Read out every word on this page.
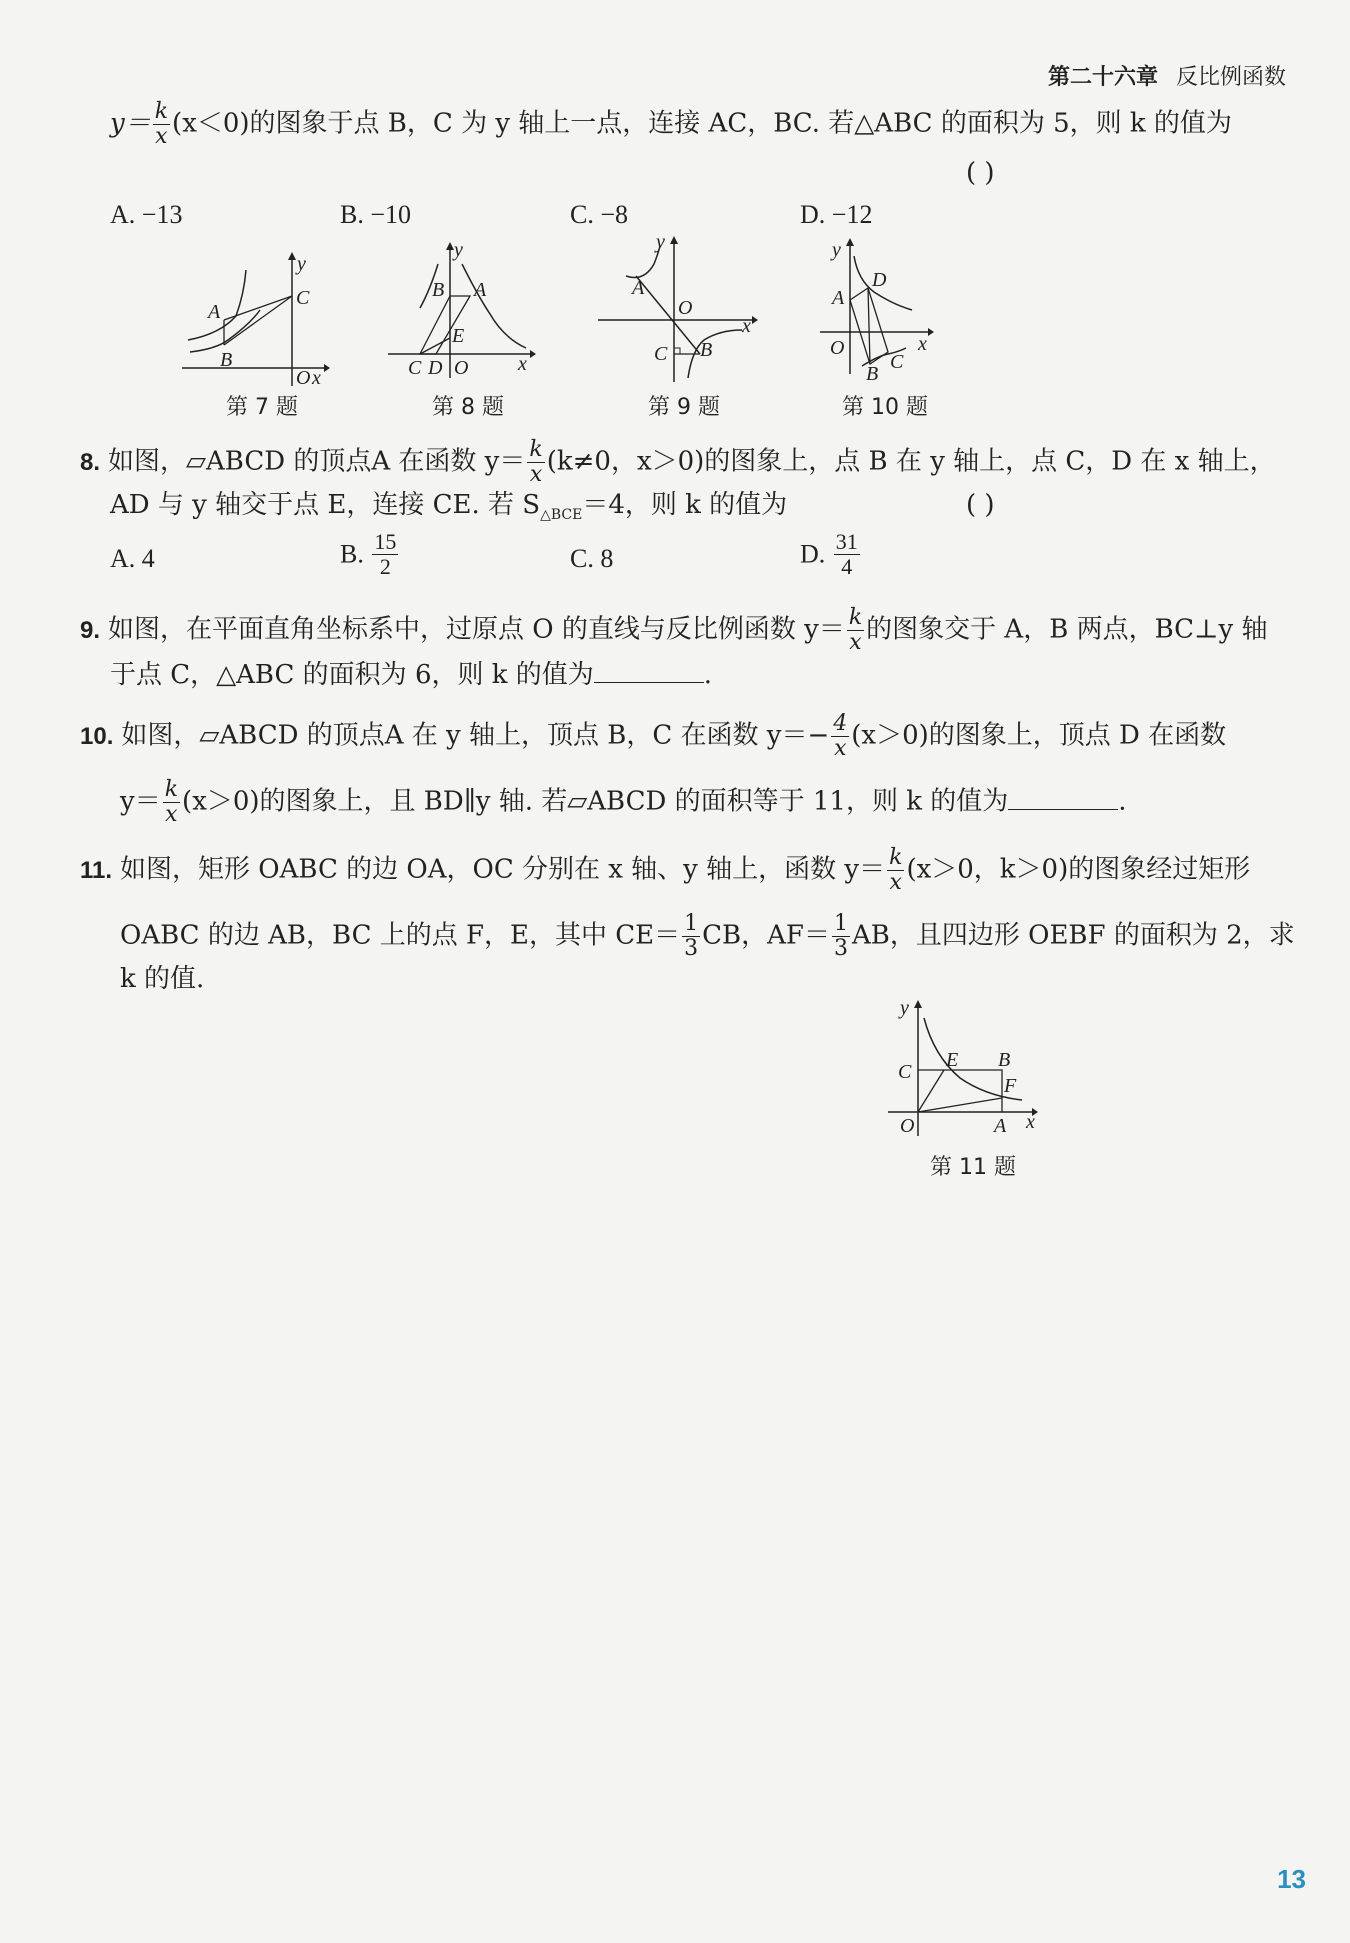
第二十六章 反比例函数
$y= \frac{k}{x} (x<0)$的图象于点 B，C 为 y 轴上一点，连接 AC，BC. 若△ABC 的面积为 5，则 k 的值为
( )
A. −13	B. −10	C. −8	D. −12
A
B
C
O x
y
第 7 题
B A
E
C D O x
y
第 8 题
A
O
C B
x
y
第 9 题
A
D
O
B
C
x
y
第 10 题
8. 如图，▱ABCD 的顶点A 在函数 $y= \frac{k}{x} (k\ne 0$，x＞0)的图象上，点 B 在 y 轴上，点 C，D 在 x 轴上，
AD 与 y 轴交于点 E，连接 CE. 若 $S_{\triangle BCE}=4$，则 k 的值为	( )
A. 4	B. $\frac{15}{2}$	C. 8	D. $\frac{31}{4}$
9. 如图，在平面直角坐标系中，过原点 O 的直线与反比例函数 $y= \frac{k}{x}$ 的图象交于 A，B 两点，BC⊥y 轴
于点 C，△ABC 的面积为 6，则 k 的值为	.
10. 如图，▱ABCD 的顶点A 在 y 轴上，顶点 B，C 在函数 $y=- \frac{4}{x} (x>0)$的图象上，顶点 D 在函数
$y= \frac{k}{x} (x>0)$的图象上，且 BD∥y 轴. 若▱ABCD 的面积等于 11，则 k 的值为	.
11. 如图，矩形 OABC 的边 OA，OC 分别在 x 轴、y 轴上，函数 $y= \frac{k}{x} (x>0$，k＞0)的图象经过矩形
OABC 的边 AB，BC 上的点 F，E，其中 $CE= \frac{1}{3}$ CB，$AF= \frac{1}{3}$ AB，且四边形 OEBF 的面积为 2，求
k 的值.
C
E B
F
O	A x
y
第 11 题
13
